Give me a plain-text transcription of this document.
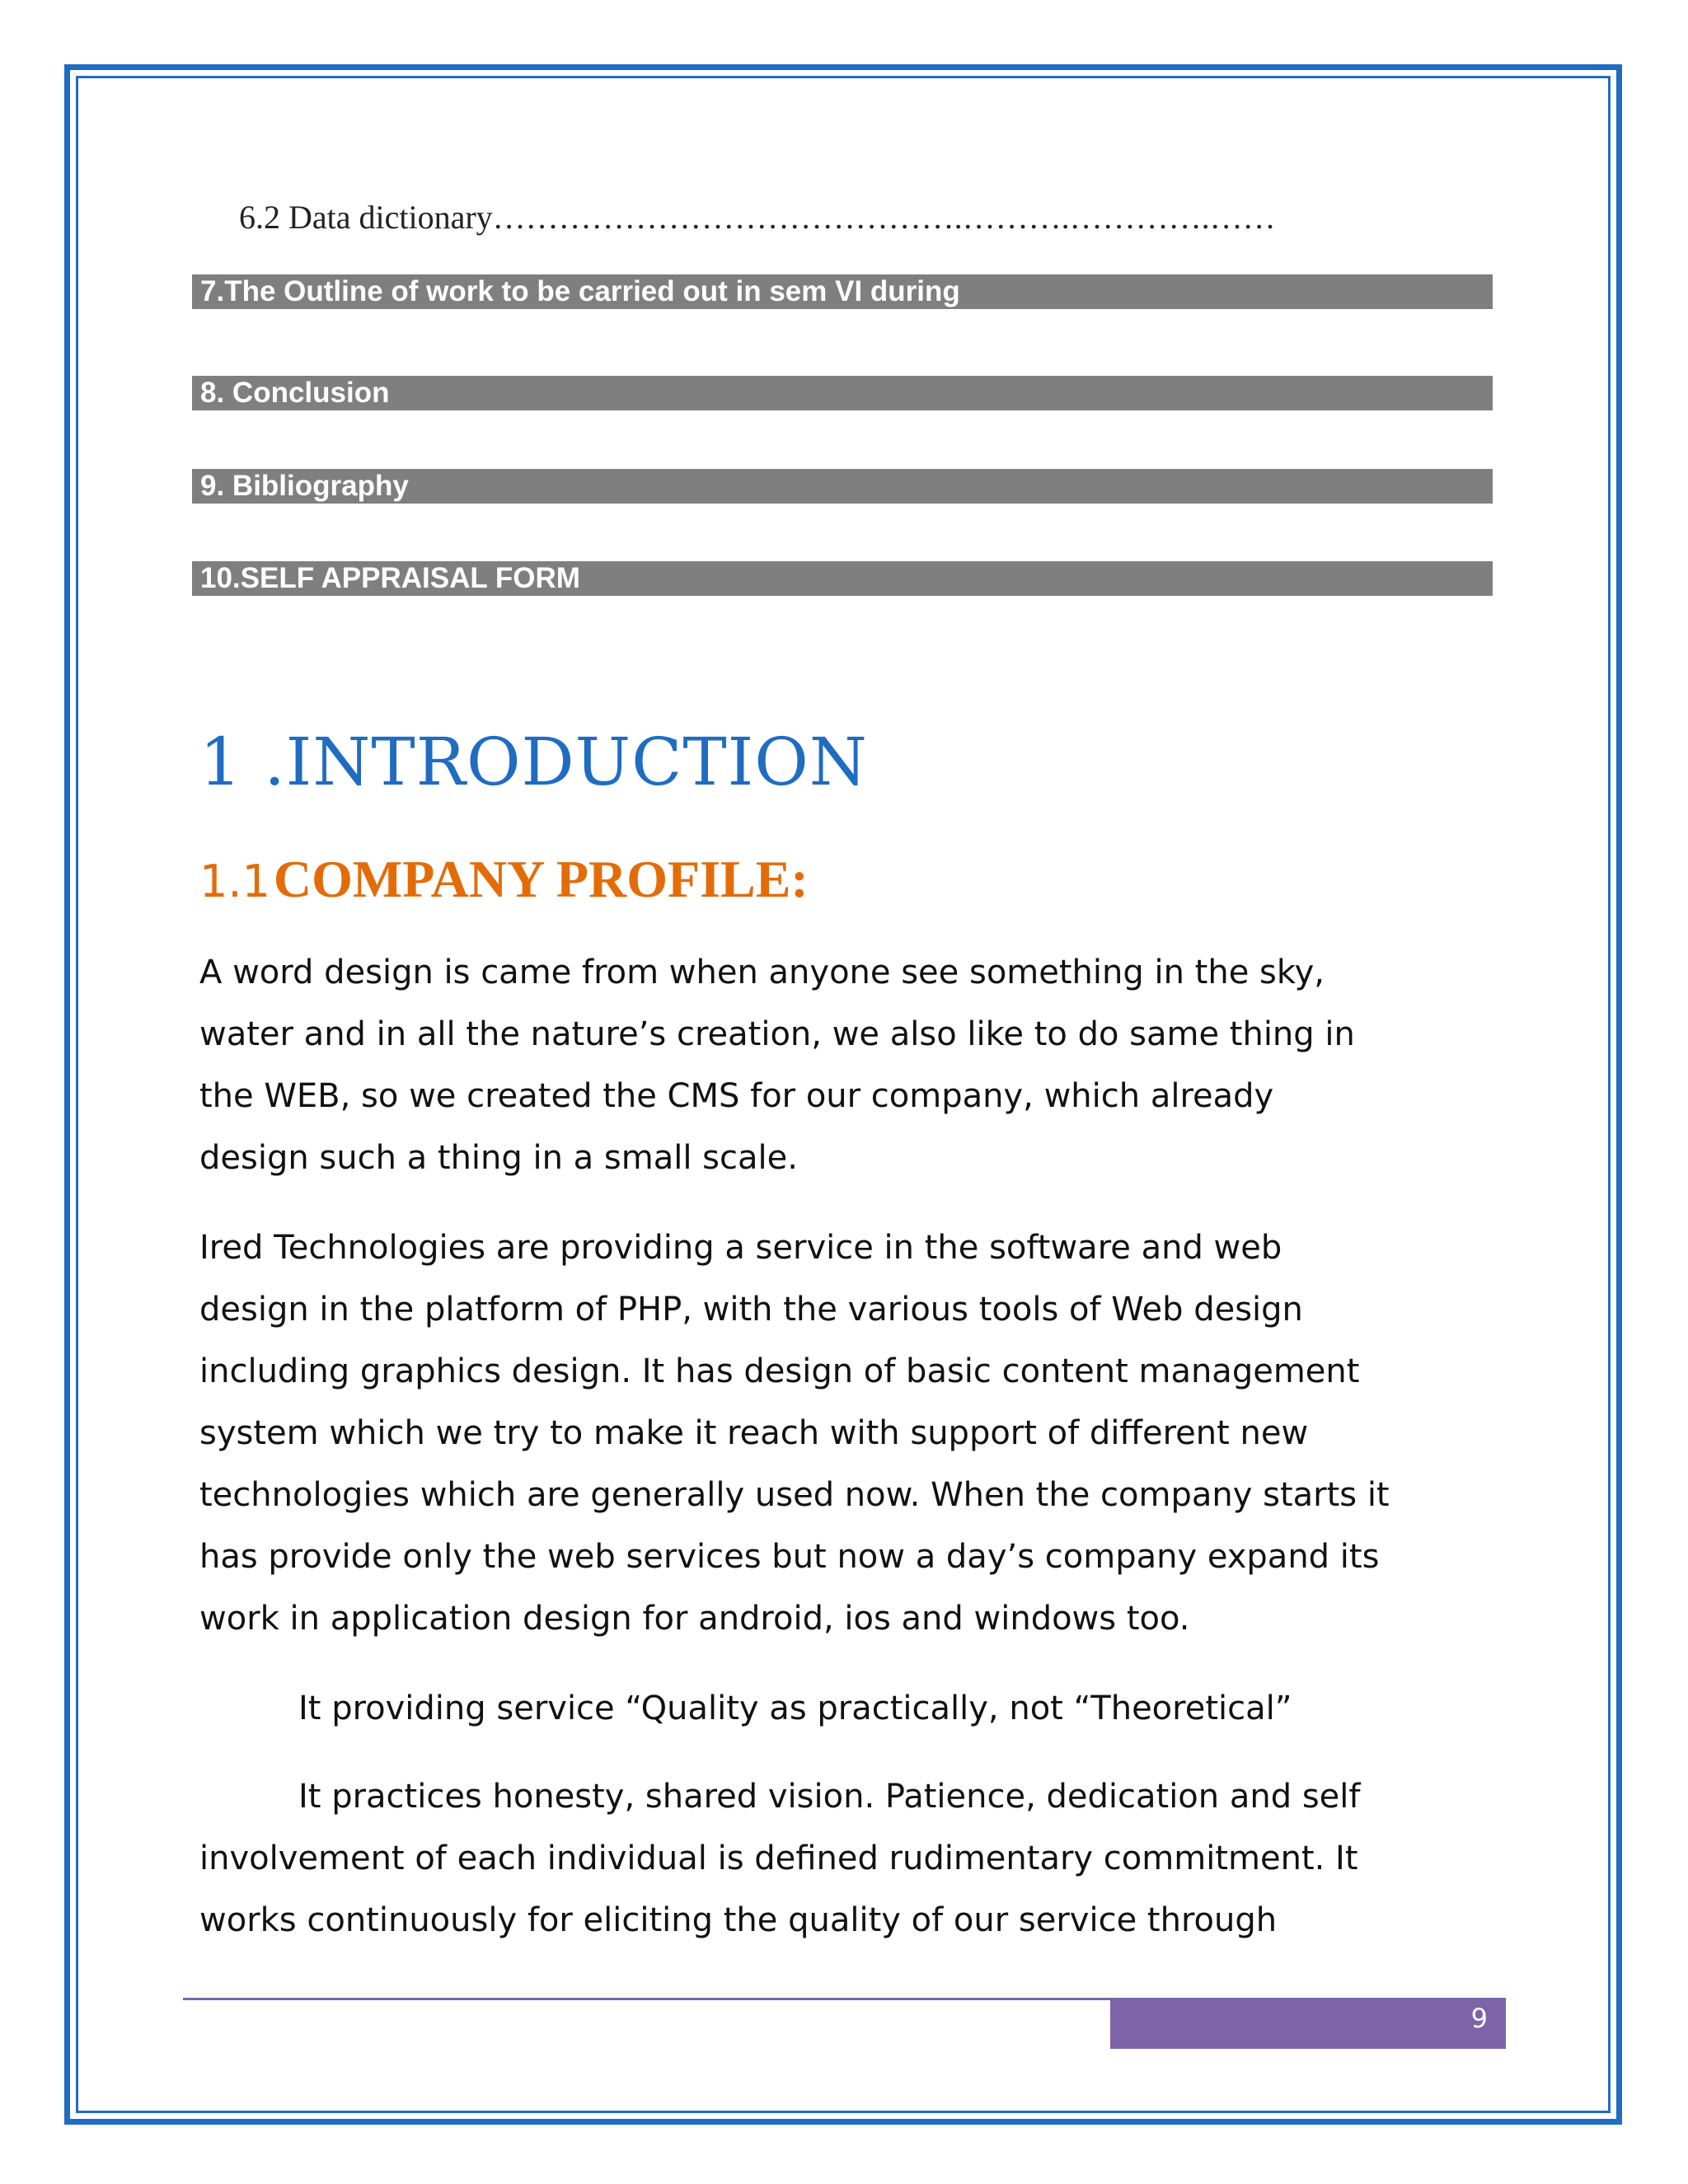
6.2 Data dictionary…………………………………….……….………….……
7.The Outline of work to be carried out in sem VI during
8. Conclusion
9. Bibliography
10.SELF APPRAISAL FORM
1 .INTRODUCTION
1.1 COMPANY PROFILE:
A word design is came from when anyone see something in the sky,
water and in all the nature’s creation, we also like to do same thing in
the WEB, so we created the CMS for our company, which already
design such a thing in a small scale.
Ired Technologies are providing a service in the software and web
design in the platform of PHP, with the various tools of Web design
including graphics design. It has design of basic content management
system which we try to make it reach with support of different new
technologies which are generally used now. When the company starts it
has provide only the web services but now a day’s company expand its
work in application design for android, ios and windows too.
It providing service “Quality as practically, not “Theoretical”
It practices honesty, shared vision. Patience, dedication and self
involvement of each individual is defined rudimentary commitment. It
works continuously for eliciting the quality of our service through
9
